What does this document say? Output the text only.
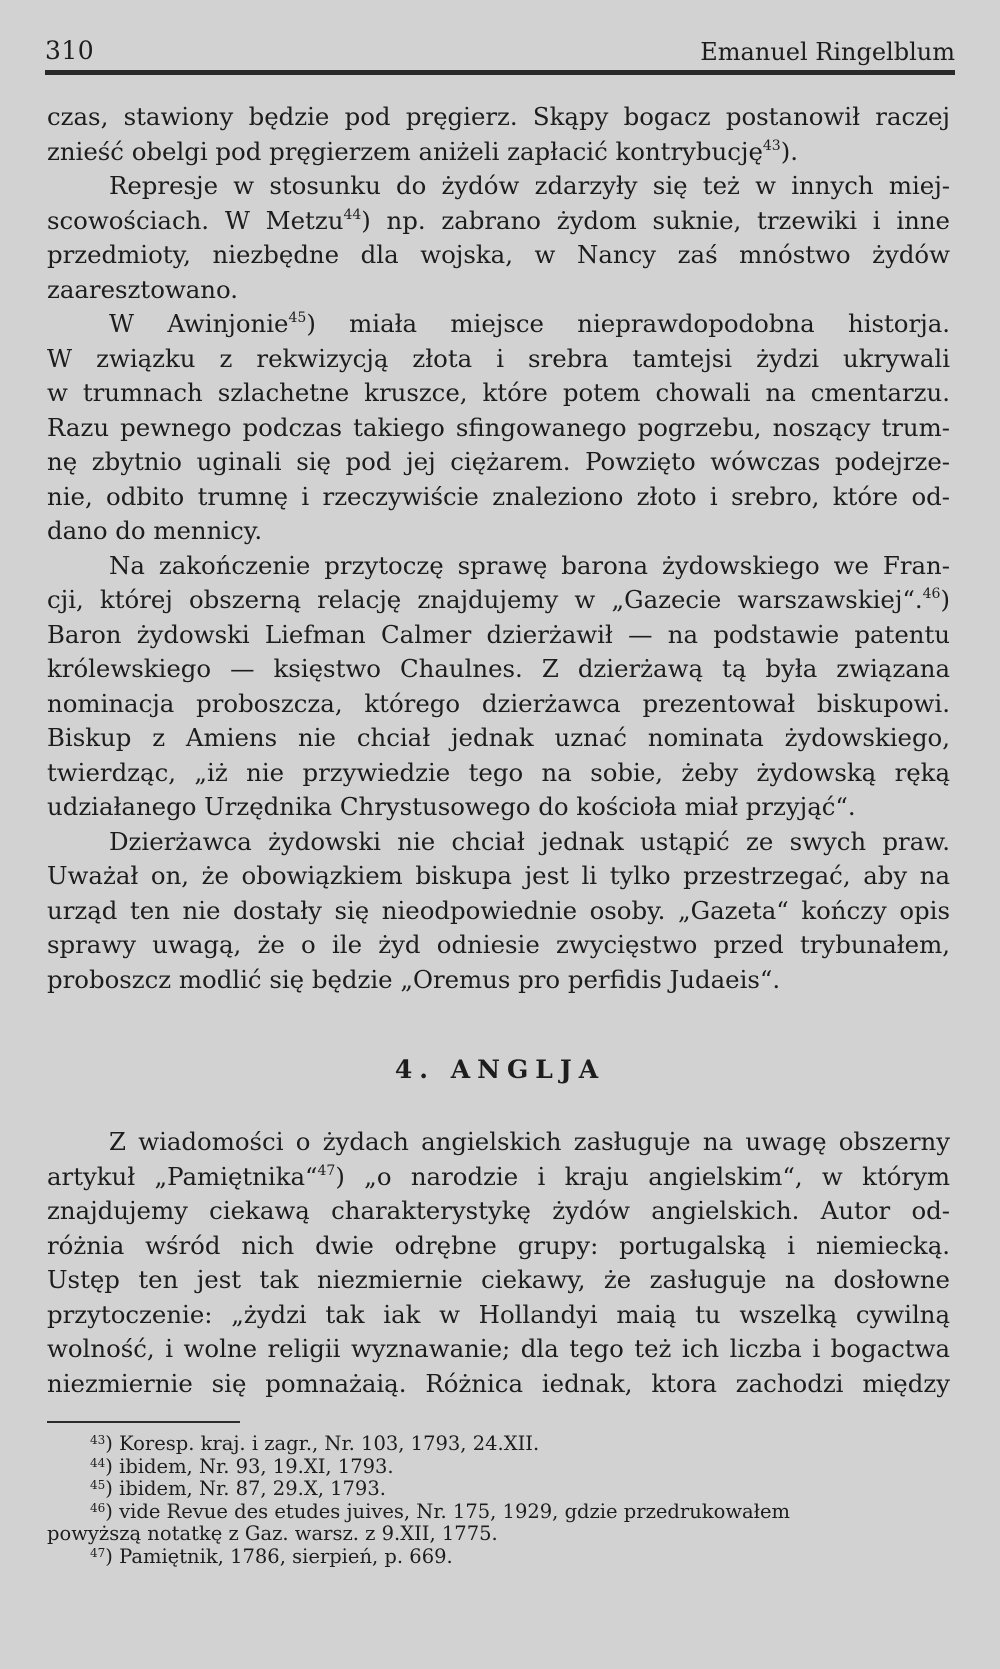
310	Emanuel Ringelblum

czas, stawiony będzie pod pręgierz. Skąpy bogacz postanowił raczej
znieść obelgi pod pręgierzem aniżeli zapłacić kontrybucję$^{43}$).

Represje w stosunku do żydów zdarzyły się też w innych miej-
scowościach. W Metzu$^{44}$) np. zabrano żydom suknie, trzewiki i inne
przedmioty, niezbędne dla wojska, w Nancy zaś mnóstwo żydów
zaaresztowano.

W Awinjonie$^{45}$) miała miejsce nieprawdopodobna historja.
W związku z rekwizycją złota i srebra tamtejsi żydzi ukrywali
w trumnach szlachetne kruszce, które potem chowali na cmentarzu.
Razu pewnego podczas takiego sfingowanego pogrzebu, noszący trum-
nę zbytnio uginali się pod jej ciężarem. Powzięto wówczas podejrze-
nie, odbito trumnę i rzeczywiście znaleziono złoto i srebro, które od-
dano do mennicy.

Na zakończenie przytoczę sprawę barona żydowskiego we Fran-
cji, której obszerną relację znajdujemy w „Gazecie warszawskiej“.$^{46}$)
Baron żydowski Liefman Calmer dzierżawił — na podstawie patentu
królewskiego — księstwo Chaulnes. Z dzierżawą tą była związana
nominacja proboszcza, którego dzierżawca prezentował biskupowi.
Biskup z Amiens nie chciał jednak uznać nominata żydowskiego,
twierdząc, „iż nie przywiedzie tego na sobie, żeby żydowską ręką
udziałanego Urzędnika Chrystusowego do kościoła miał przyjąć“.

Dzierżawca żydowski nie chciał jednak ustąpić ze swych praw.
Uważał on, że obowiązkiem biskupa jest li tylko przestrzegać, aby na
urząd ten nie dostały się nieodpowiednie osoby. „Gazeta“ kończy opis
sprawy uwagą, że o ile żyd odniesie zwycięstwo przed trybunałem,
proboszcz modlić się będzie „Oremus pro perfidis Judaeis“.

4. ANGLJA

Z wiadomości o żydach angielskich zasługuje na uwagę obszerny
artykuł „Pamiętnika“$^{47}$) „o narodzie i kraju angielskim“, w którym
znajdujemy ciekawą charakterystykę żydów angielskich. Autor od-
różnia wśród nich dwie odrębne grupy: portugalską i niemiecką.
Ustęp ten jest tak niezmiernie ciekawy, że zasługuje na dosłowne
przytoczenie: „żydzi tak iak w Hollandyi maią tu wszelką cywilną
wolność, i wolne religii wyznawanie; dla tego też ich liczba i bogactwa
niezmiernie się pomnażaią. Różnica iednak, ktora zachodzi między

$^{43}$) Koresp. kraj. i zagr., Nr. 103, 1793, 24.XII.
$^{44}$) ibidem, Nr. 93, 19.XI, 1793.
$^{45}$) ibidem, Nr. 87, 29.X, 1793.
$^{46}$) vide Revue des etudes juives, Nr. 175, 1929, gdzie przedrukowałem
powyższą notatkę z Gaz. warsz. z 9.XII, 1775.
$^{47}$) Pamiętnik, 1786, sierpień, p. 669.
